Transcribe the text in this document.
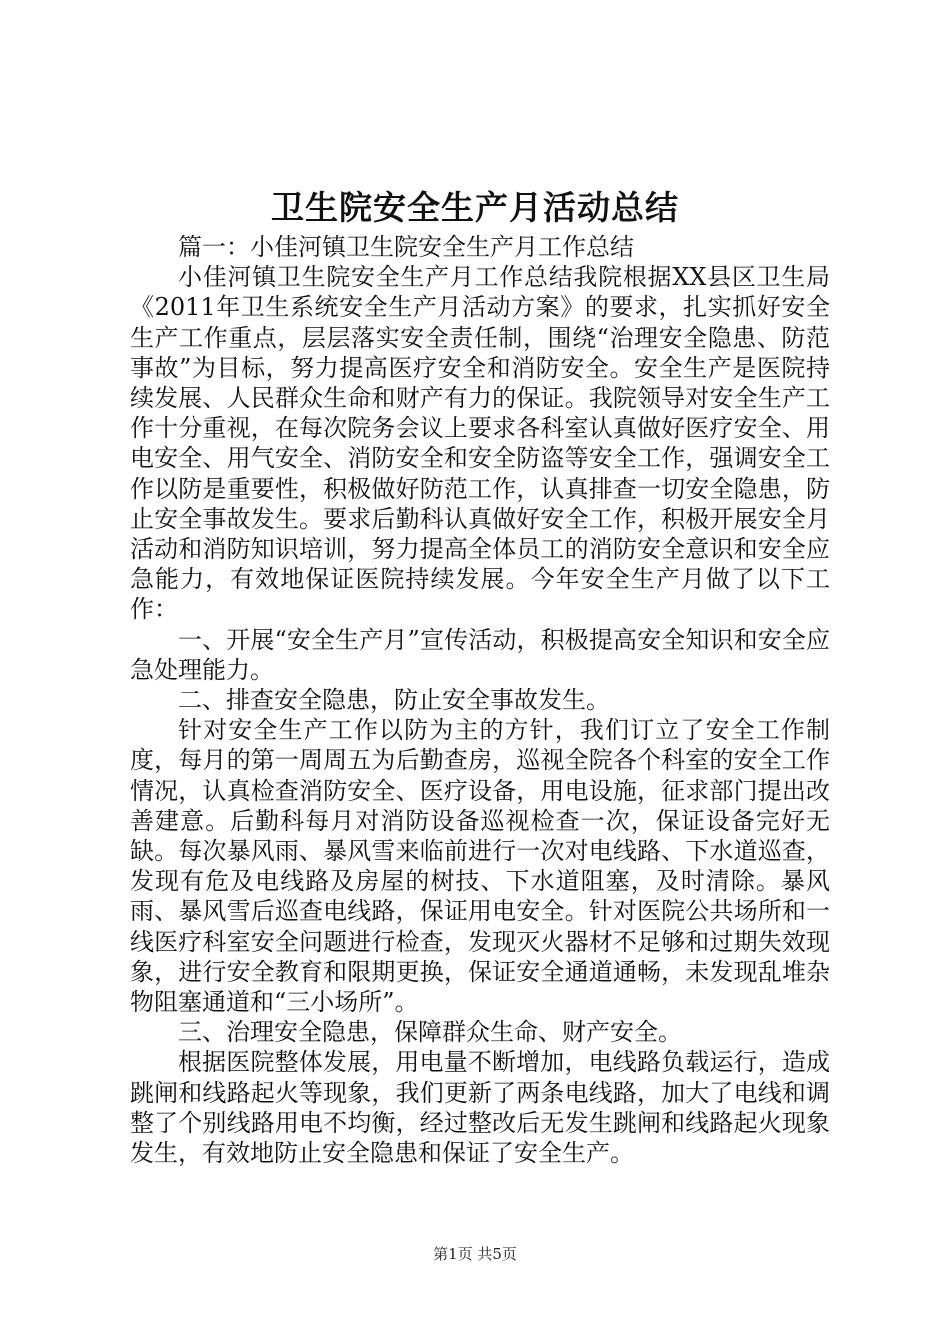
卫生院安全生产月活动总结

篇一：小佳河镇卫生院安全生产月工作总结

小佳河镇卫生院安全生产月工作总结我院根据XX县区卫生局《2011年卫生系统安全生产月活动方案》的要求，扎实抓好安全生产工作重点，层层落实安全责任制，围绕“治理安全隐患、防范事故”为目标，努力提高医疗安全和消防安全。安全生产是医院持续发展、人民群众生命和财产有力的保证。我院领导对安全生产工作十分重视，在每次院务会议上要求各科室认真做好医疗安全、用电安全、用气安全、消防安全和安全防盗等安全工作，强调安全工作以防是重要性，积极做好防范工作，认真排查一切安全隐患，防止安全事故发生。要求后勤科认真做好安全工作，积极开展安全月活动和消防知识培训，努力提高全体员工的消防安全意识和安全应急能力，有效地保证医院持续发展。今年安全生产月做了以下工作：

一、开展“安全生产月”宣传活动，积极提高安全知识和安全应急处理能力。

二、排查安全隐患，防止安全事故发生。

针对安全生产工作以防为主的方针，我们订立了安全工作制度，每月的第一周周五为后勤查房，巡视全院各个科室的安全工作情况，认真检查消防安全、医疗设备，用电设施，征求部门提出改善建意。后勤科每月对消防设备巡视检查一次，保证设备完好无缺。每次暴风雨、暴风雪来临前进行一次对电线路、下水道巡查，发现有危及电线路及房屋的树技、下水道阻塞，及时清除。暴风雨、暴风雪后巡查电线路，保证用电安全。针对医院公共场所和一线医疗科室安全问题进行检查，发现灭火器材不足够和过期失效现象，进行安全教育和限期更换，保证安全通道通畅，未发现乱堆杂物阻塞通道和“三小场所”。

三、治理安全隐患，保障群众生命、财产安全。

根据医院整体发展，用电量不断增加，电线路负载运行，造成跳闸和线路起火等现象，我们更新了两条电线路，加大了电线和调整了个别线路用电不均衡，经过整改后无发生跳闸和线路起火现象发生，有效地防止安全隐患和保证了安全生产。

第1页 共5页
